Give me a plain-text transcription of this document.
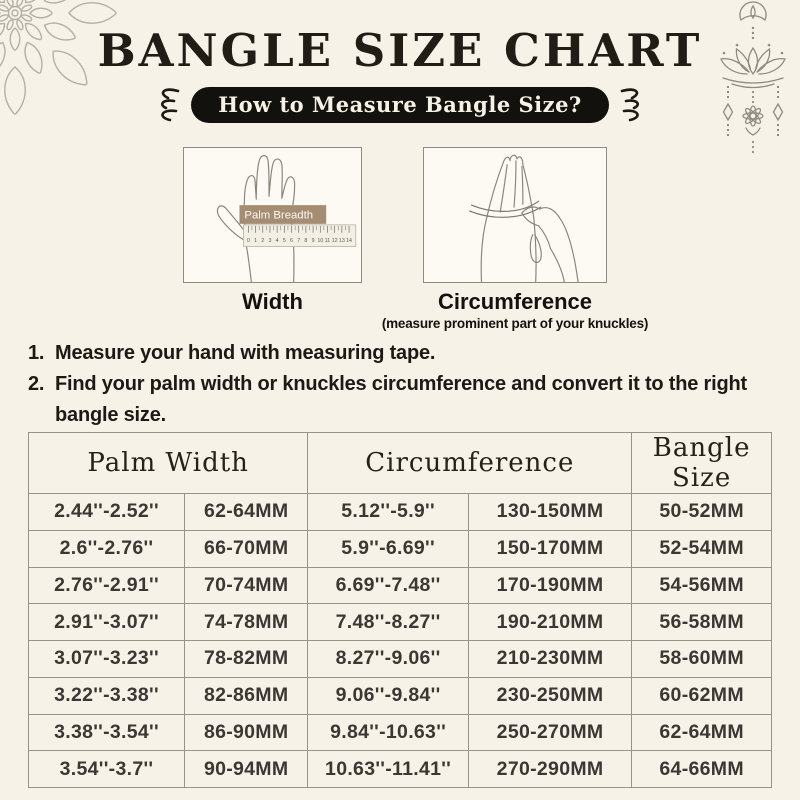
BANGLE SIZE CHART
How to Measure Bangle Size?
0 1 2 3 4 5 6 7 8 9 10 11 12 13 14
Palm Breadth
Width	Circumference
(measure prominent part of your knuckles)
1. Measure your hand with measuring tape.
2. Find your palm width or knuckles circumference and convert it to the right bangle size.
Palm Width		Circumference		Bangle Size
2.44''-2.52''	62-64MM	5.12''-5.9''	130-150MM	50-52MM
2.6''-2.76''	66-70MM	5.9''-6.69''	150-170MM	52-54MM
2.76''-2.91''	70-74MM	6.69''-7.48''	170-190MM	54-56MM
2.91''-3.07''	74-78MM	7.48''-8.27''	190-210MM	56-58MM
3.07''-3.23''	78-82MM	8.27''-9.06''	210-230MM	58-60MM
3.22''-3.38''	82-86MM	9.06''-9.84''	230-250MM	60-62MM
3.38''-3.54''	86-90MM	9.84''-10.63''	250-270MM	62-64MM
3.54''-3.7''	90-94MM	10.63''-11.41''	270-290MM	64-66MM
